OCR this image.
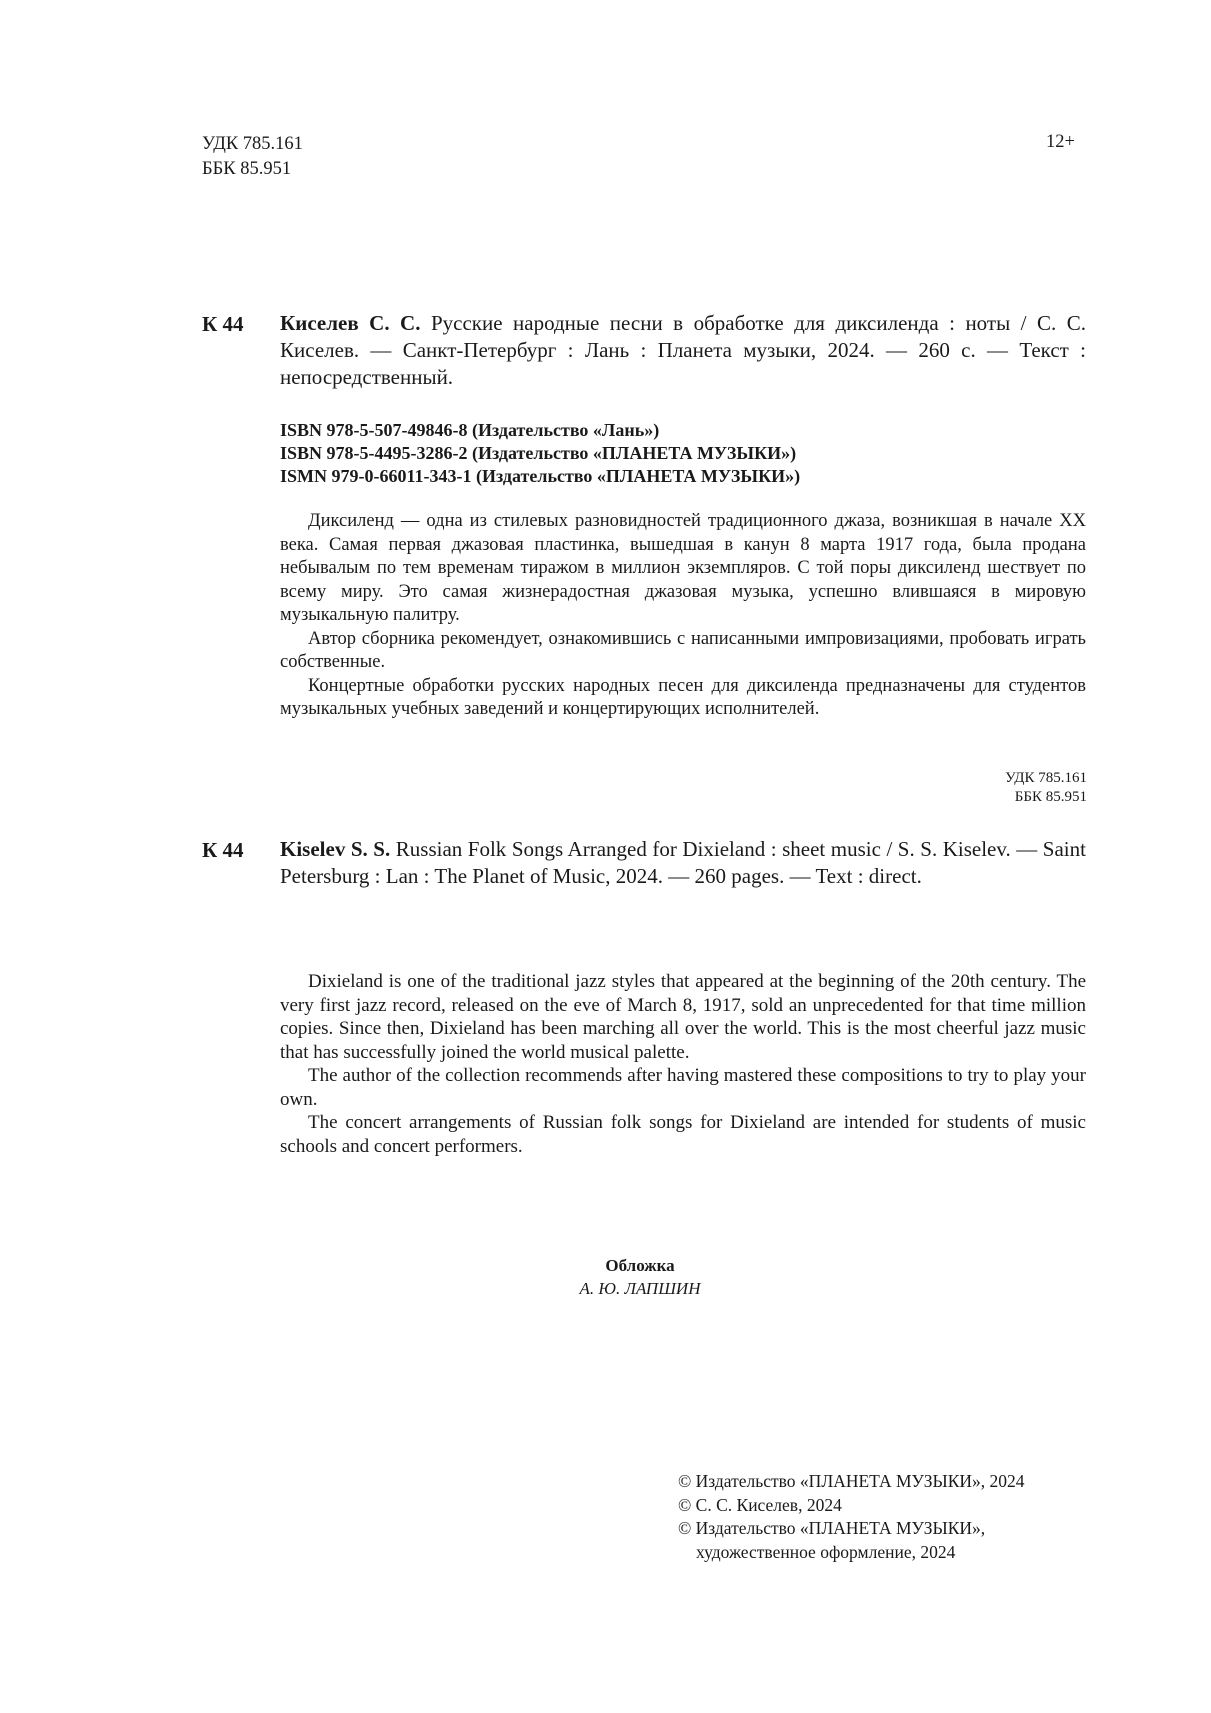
УДК 785.161
ББК 85.951
12+
К 44 Киселев С. С. Русские народные песни в обработке для диксиленда : ноты / С. С. Киселев. — Санкт-Петербург : Лань : Планета музыки, 2024. — 260 с. — Текст : непосредственный.
ISBN 978-5-507-49846-8 (Издательство «Лань»)
ISBN 978-5-4495-3286-2 (Издательство «ПЛАНЕТА МУЗЫКИ»)
ISMN 979-0-66011-343-1 (Издательство «ПЛАНЕТА МУЗЫКИ»)

Диксиленд — одна из стилевых разновидностей традиционного джаза, возникшая в начале XX века. Самая первая джазовая пластинка, вышедшая в канун 8 марта 1917 года, была продана небывалым по тем временам тиражом в миллион экземпляров. С той поры диксиленд шествует по всему миру. Это самая жизнерадостная джазовая музыка, успешно влившаяся в мировую музыкальную палитру.

Автор сборника рекомендует, ознакомившись с написанными импровизациями, пробовать играть собственные.

Концертные обработки русских народных песен для диксиленда предназначены для студентов музыкальных учебных заведений и концертирующих исполнителей.

УДК 785.161
ББК 85.951
К 44 Kiselev S. S. Russian Folk Songs Arranged for Dixieland : sheet music / S. S. Kiselev. — Saint Petersburg : Lan : The Planet of Music, 2024. — 260 pages. — Text : direct.

Dixieland is one of the traditional jazz styles that appeared at the beginning of the 20th century. The very first jazz record, released on the eve of March 8, 1917, sold an unprecedented for that time million copies. Since then, Dixieland has been marching all over the world. This is the most cheerful jazz music that has successfully joined the world musical palette.

The author of the collection recommends after having mastered these compositions to try to play your own.

The concert arrangements of Russian folk songs for Dixieland are intended for students of music schools and concert performers.

Обложка
А. Ю. ЛАПШИН
© Издательство «ПЛАНЕТА МУЗЫКИ», 2024
© С. С. Киселев, 2024
© Издательство «ПЛАНЕТА МУЗЫКИ»,
художественное оформление, 2024
